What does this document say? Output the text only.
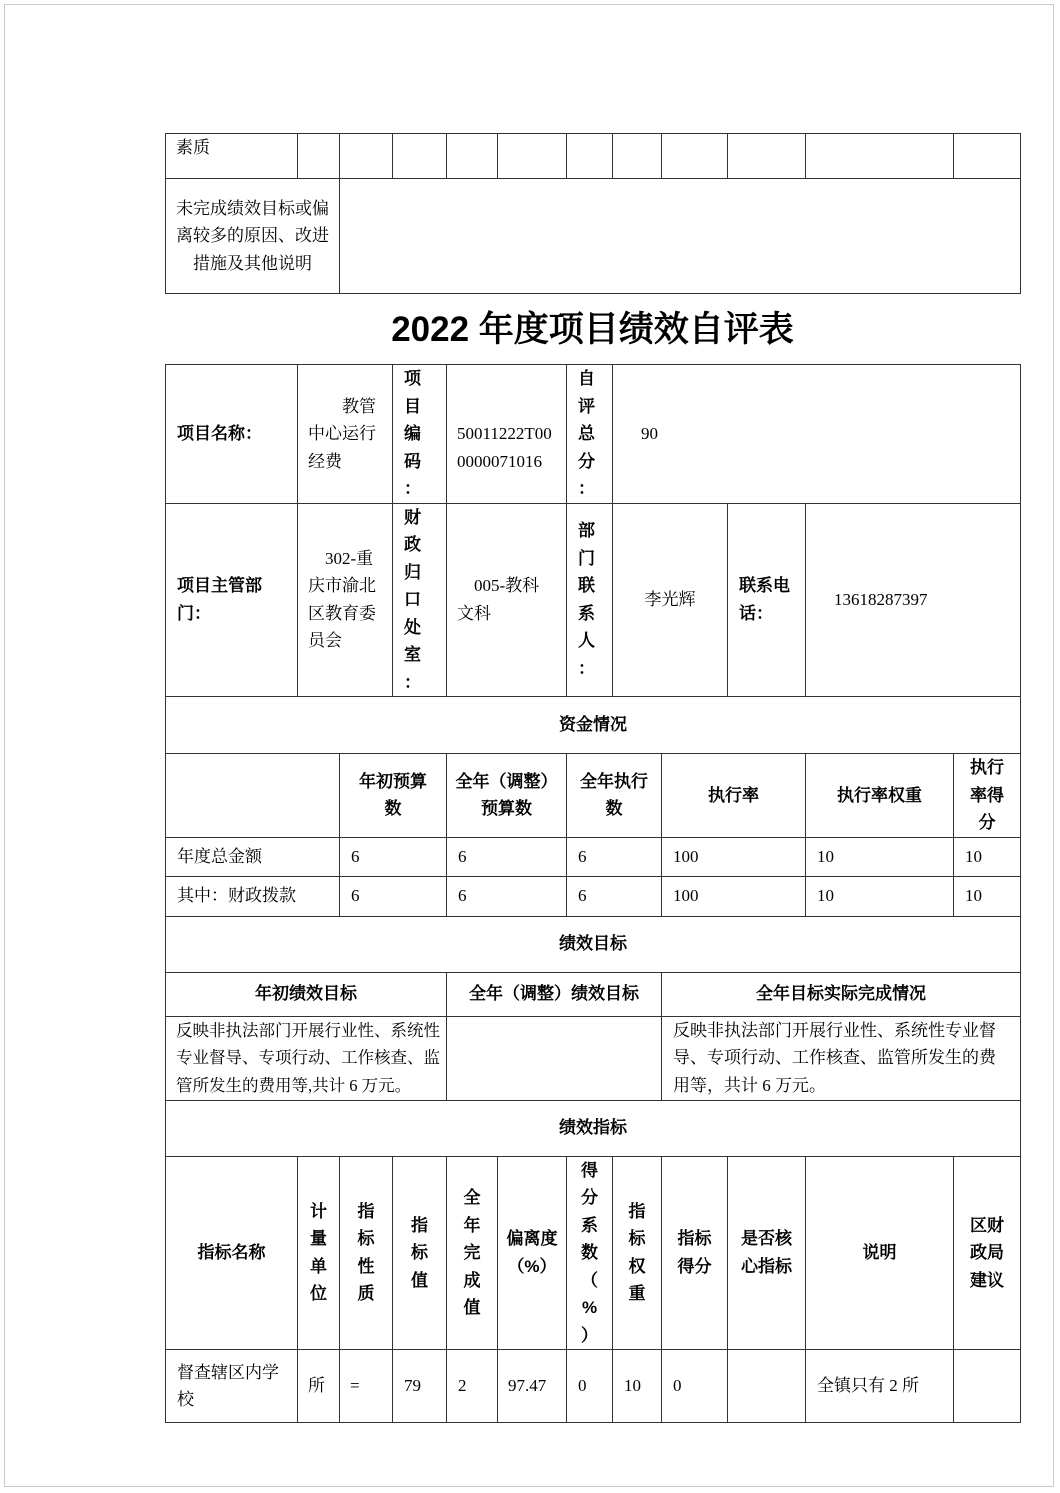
素质											
未完成绩效目标或偏离较多的原因、改进措施及其他说明											
2022 年度项目绩效自评表
项目名称：	教管中心运行经费		项目编码：	50011222T000000071016		自评总分：	90				
项目主管部门：	302-重庆市渝北区教育委员会		财政归口处室：	005-教科文科		部门联系人：	李光辉		联系电话：	13618287397	
资金情况											
		年初预算数		全年（调整）预算数		全年执行数		执行率		执行率权重	执行率得分
年度总金额		6		6		6		100		10	10
其中：财政拨款		6		6		6		100		10	10
绩效目标											
年初绩效目标				全年（调整）绩效目标				全年目标实际完成情况			
反映非执法部门开展行业性、系统性专业督导、专项行动、工作核查、监管所发生的费用等,共计 6 万元。								反映非执法部门开展行业性、系统性专业督导、专项行动、工作核查、监管所发生的费用等，共计 6 万元。			
绩效指标											
指标名称	计量单位	指标性质	指标值	全年完成值	偏离度（%）	得分系数（%）	指标权重	指标得分	是否核心指标	说明	区财政局建议
督查辖区内学校	所	=	79	2	97.47	0	10	0		全镇只有 2 所	
